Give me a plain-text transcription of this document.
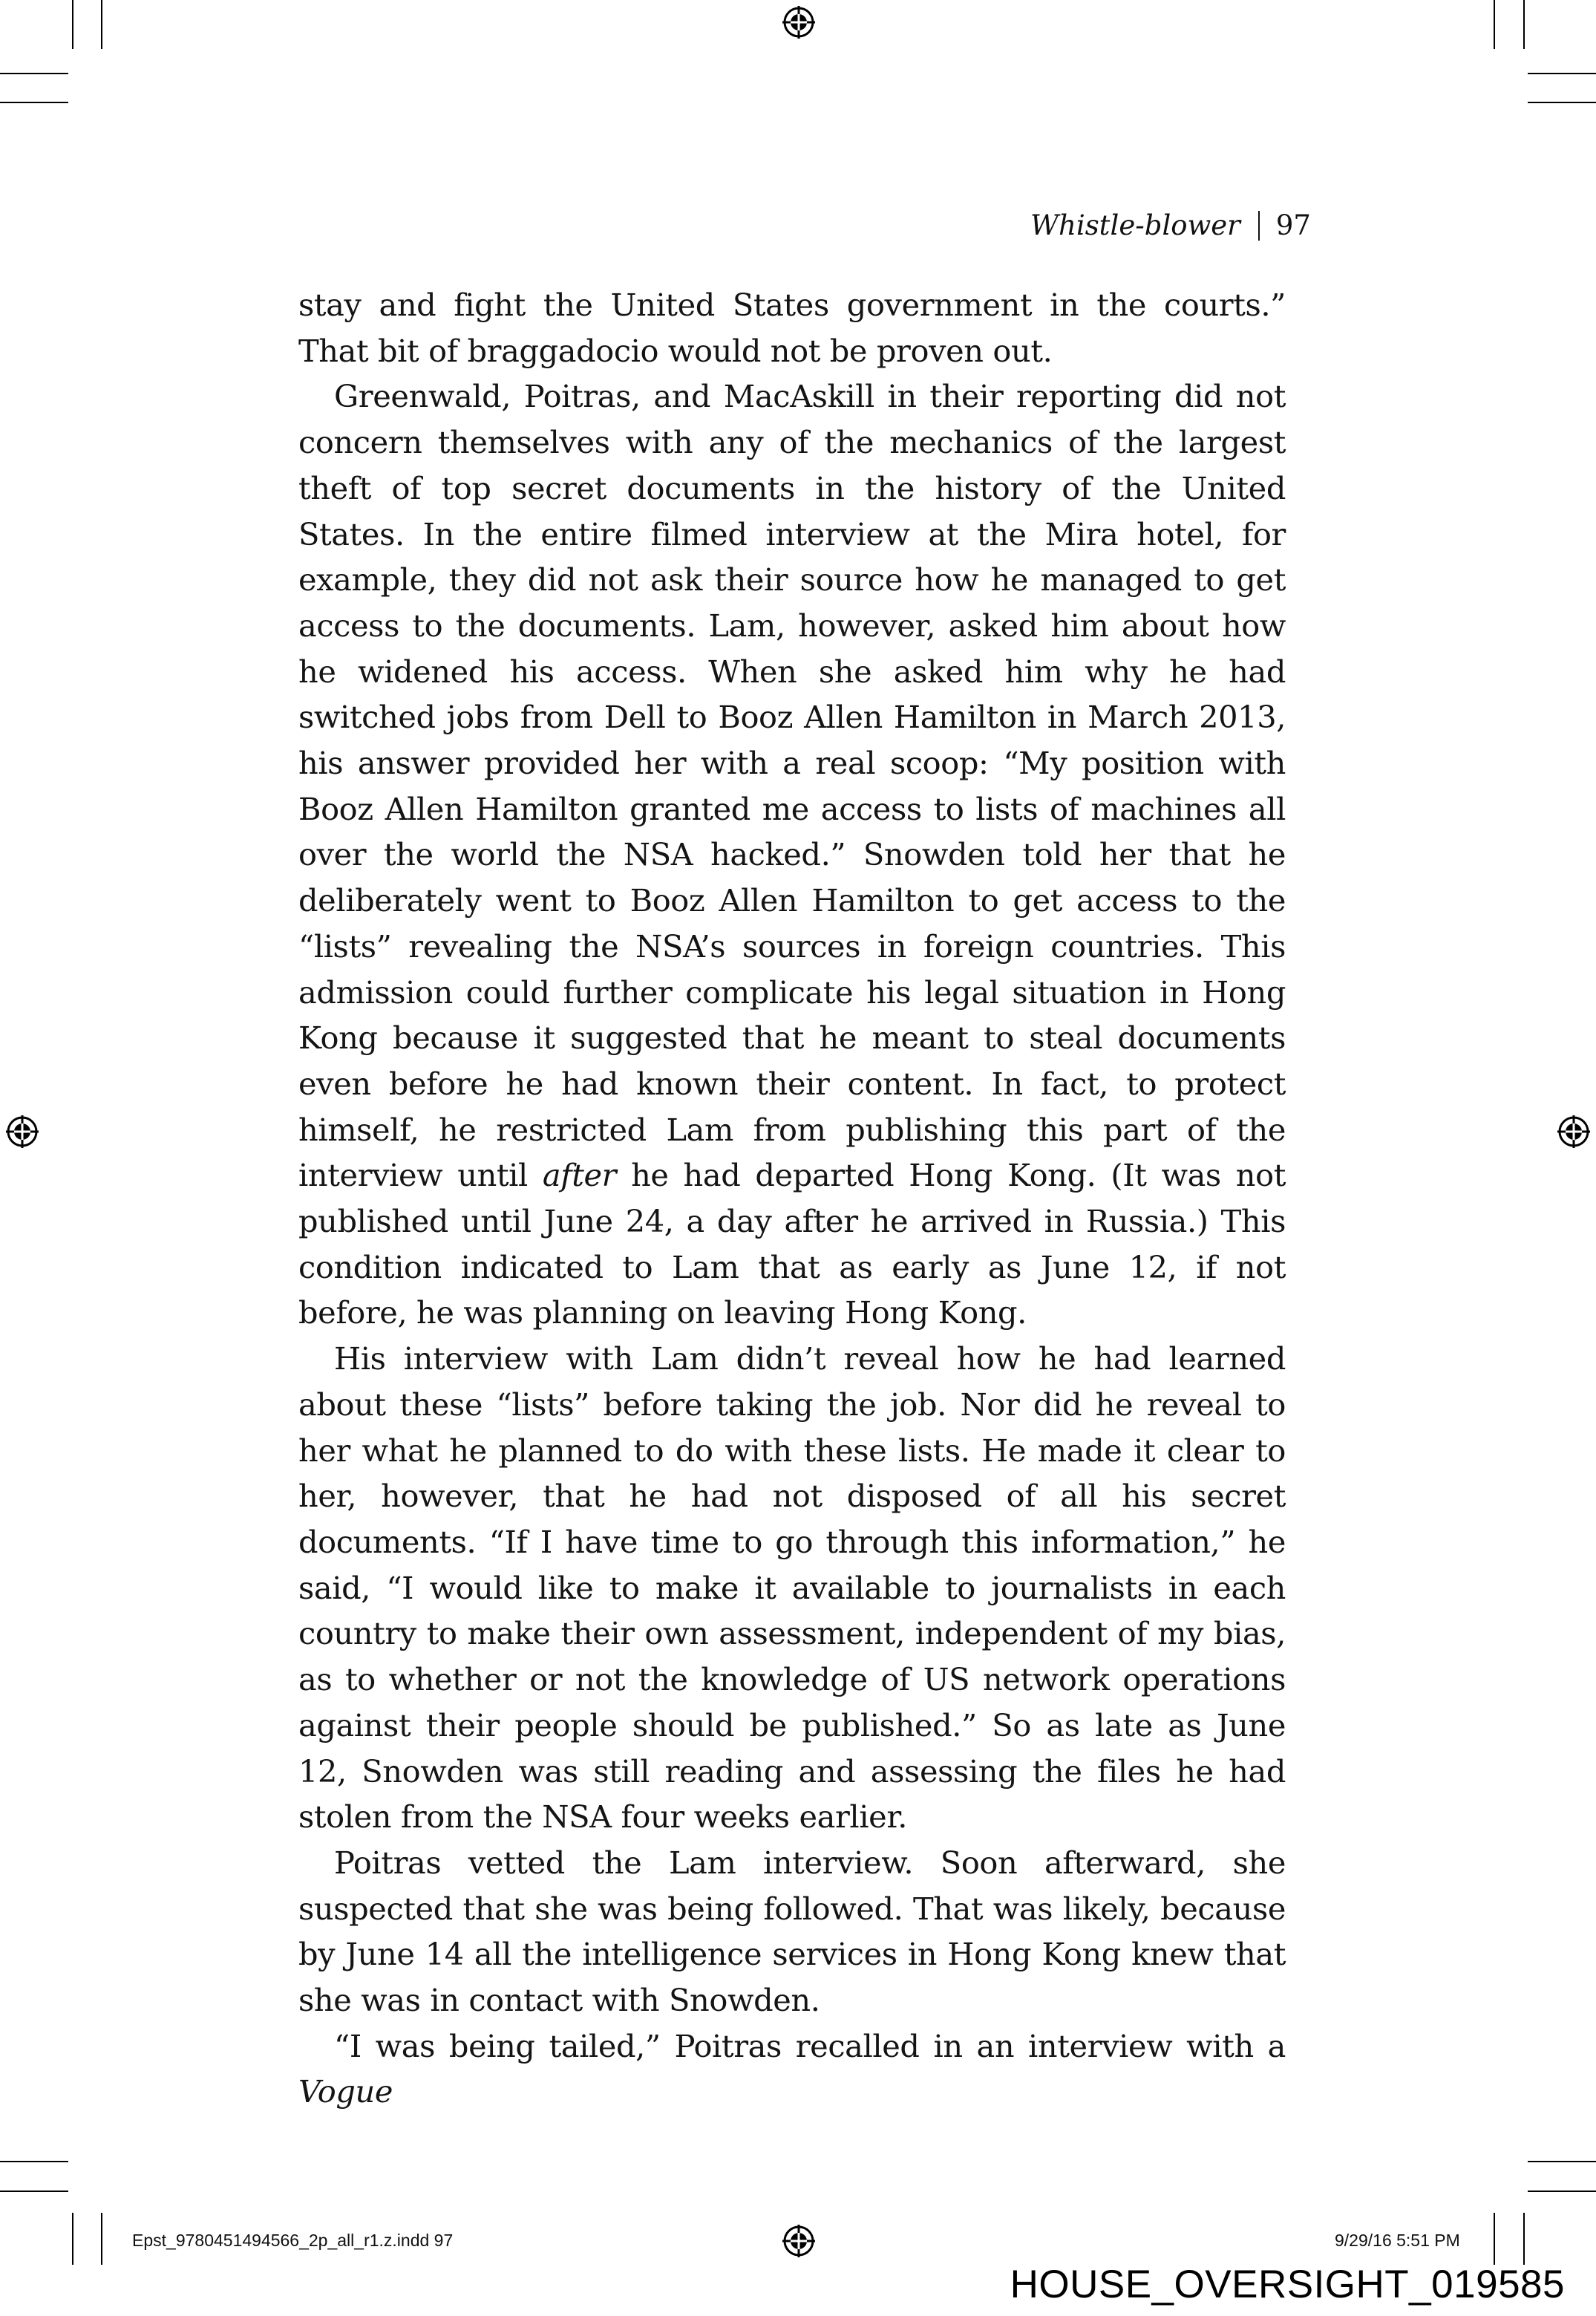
Whistle-blower 97

stay and fight the United States government in the courts.” That bit of braggadocio would not be proven out.

Greenwald, Poitras, and MacAskill in their reporting did not concern themselves with any of the mechanics of the largest theft of top secret documents in the history of the United States. In the entire filmed interview at the Mira hotel, for example, they did not ask their source how he managed to get access to the documents. Lam, however, asked him about how he widened his access. When she asked him why he had switched jobs from Dell to Booz Allen Hamilton in March 2013, his answer provided her with a real scoop: “My position with Booz Allen Hamilton granted me access to lists of machines all over the world the NSA hacked.” Snowden told her that he deliberately went to Booz Allen Hamilton to get access to the “lists” revealing the NSA’s sources in foreign countries. This admission could further complicate his legal situation in Hong Kong because it suggested that he meant to steal documents even before he had known their content. In fact, to protect himself, he restricted Lam from publishing this part of the interview until after he had departed Hong Kong. (It was not published until June 24, a day after he arrived in Russia.) This condition indicated to Lam that as early as June 12, if not before, he was planning on leaving Hong Kong.

His interview with Lam didn’t reveal how he had learned about these “lists” before taking the job. Nor did he reveal to her what he planned to do with these lists. He made it clear to her, however, that he had not disposed of all his secret documents. “If I have time to go through this information,” he said, “I would like to make it available to journalists in each country to make their own assessment, independent of my bias, as to whether or not the knowledge of US network operations against their people should be published.” So as late as June 12, Snowden was still reading and assessing the files he had stolen from the NSA four weeks earlier.

Poitras vetted the Lam interview. Soon afterward, she suspected that she was being followed. That was likely, because by June 14 all the intelligence services in Hong Kong knew that she was in contact with Snowden.

“I was being tailed,” Poitras recalled in an interview with a Vogue

Epst_9780451494566_2p_all_r1.z.indd 97	9/29/16 5:51 PM
HOUSE_OVERSIGHT_019585
